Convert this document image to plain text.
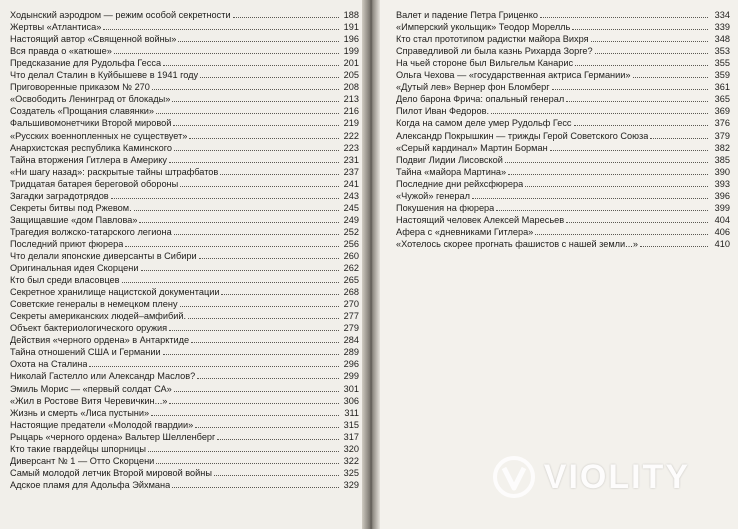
Ходынский аэродром — режим особой секретности	188
Жертвы «Атлантиса»	191
Настоящий автор «Священной войны»	196
Вся правда о «катюше»	199
Предсказание для Рудольфа Гесса	201
Что делал Сталин в Куйбышеве в 1941 году	205
Приговоренные приказом № 270	208
«Освободить Ленинград от блокады»	213
Создатель «Прощания славянки»	216
Фальшивомонетчики Второй мировой	219
«Русских военнопленных не существует»	222
Анархистская республика Каминского	223
Тайна вторжения Гитлера в Америку	231
«Ни шагу назад»: раскрытые тайны штрафбатов	237
Тридцатая батарея береговой обороны	241
Загадки заградотрядов	243
Секреты битвы под Ржевом.	245
Защищавшие «дом Павлова»	249
Трагедия волжско-татарского легиона	252
Последний приют фюрера	256
Что делали японские диверсанты в Сибири	260
Оригинальная идея Скорцени	262
Кто был среди власовцев	265
Секретное хранилище нацистской документации	268
Советские генералы в немецком плену	270
Секреты американских людей–амфибий.	277
Объект бактериологического оружия	279
Действия «черного ордена» в Антарктиде	284
Тайна отношений США и Германии	289
Охота на Сталина	296
Николай Гастелло или Александр Маслов?	299
Эмиль Морис — «первый солдат СА»	301
«Жил в Ростове Витя Черевичкин...»	306
Жизнь и смерть «Лиса пустыни»	311
Настоящие предатели «Молодой гвардии»	315
Рыцарь «черного ордена» Вальтер Шелленберг	317
Кто такие гвардейцы шпорницы	320
Диверсант № 1 — Отто Скорцени	322
Самый молодой летчик Второй мировой войны	325
Адское пламя для Адольфа Эйхмана	329
Валет и падение Петра Гриценко	334
«Имперский укольщик» Теодор Морелль	339
Кто стал прототипом радистки майора Вихря	348
Справедливой ли была казнь Рихарда Зорге?	353
На чьей стороне был Вильгельм Канарис	355
Ольга Чехова — «государственная актриса Германии»	359
«Дутый лев» Вернер фон Бломберг	361
Дело барона Фрича: опальный генерал	365
Пилот Иван Федоров.	369
Когда на самом деле умер Рудольф Гесс	376
Александр Покрышкин — трижды Герой Советского Союза	379
«Серый кардинал» Мартин Борман	382
Подвиг Лидии Лисовской	385
Тайна «майора Мартина»	390
Последние дни рейхсфюрера	393
«Чужой» генерал	396
Покушения на фюрера	399
Настоящий человек Алексей Маресьев	404
Афера с «дневниками Гитлера»	406
«Хотелось скорее прогнать фашистов с нашей земли...»	410
VIOLITY
